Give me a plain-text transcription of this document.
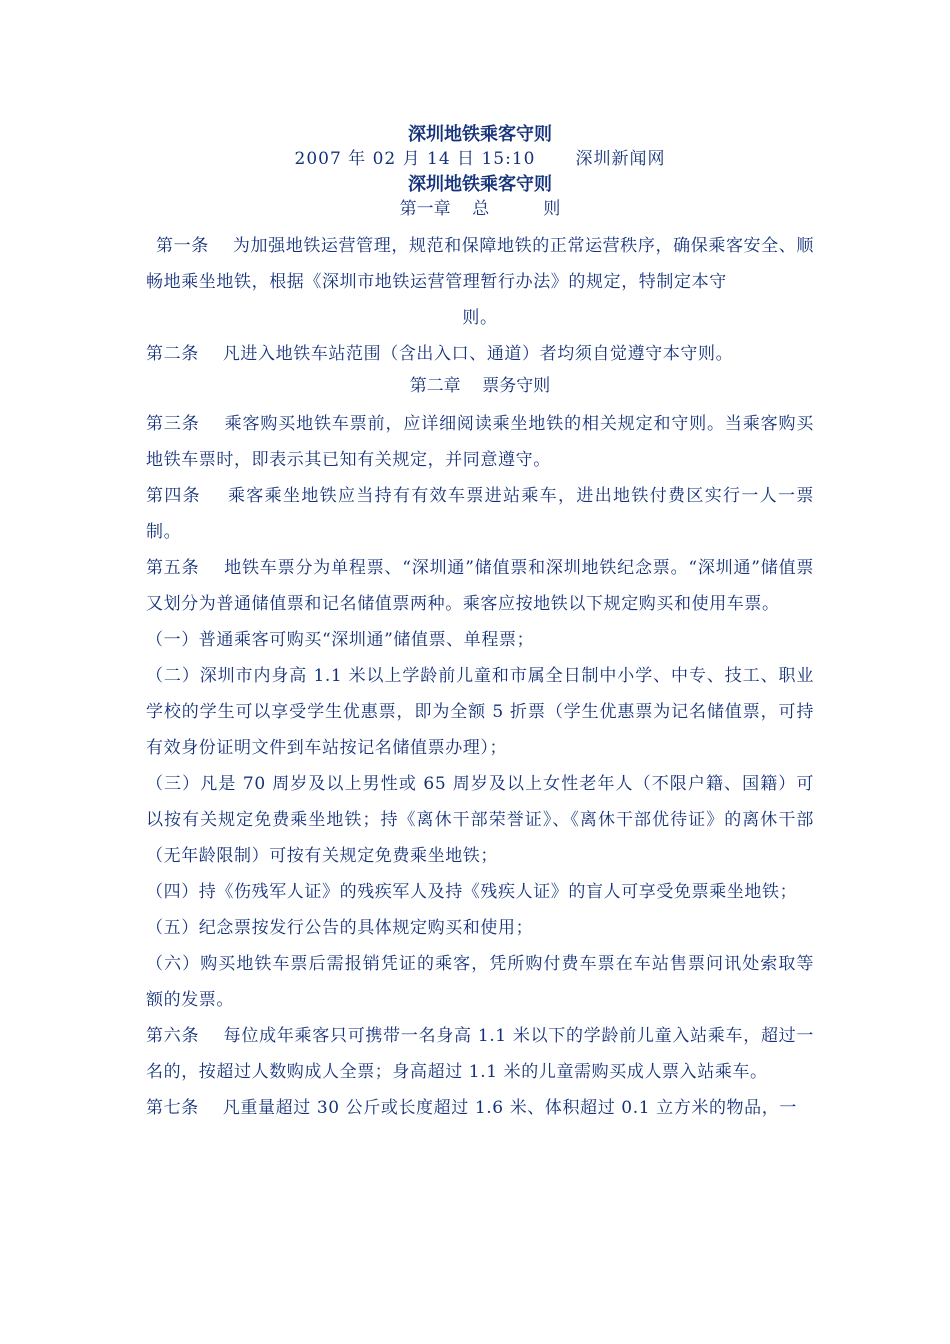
深圳地铁乘客守则
2007 年 02 月 14 日 15:10 深圳新闻网
深圳地铁乘客守则
第一章    总          则

第一条    为加强地铁运营管理，规范和保障地铁的正常运营秩序，确保乘客安全、顺畅地乘坐地铁，根据《深圳市地铁运营管理暂行办法》的规定，特制定本守

则。

第二条    凡进入地铁车站范围（含出入口、通道）者均须自觉遵守本守则。

第二章    票务守则

第三条    乘客购买地铁车票前，应详细阅读乘坐地铁的相关规定和守则。当乘客购买地铁车票时，即表示其已知有关规定，并同意遵守。

第四条    乘客乘坐地铁应当持有有效车票进站乘车，进出地铁付费区实行一人一票制。

第五条    地铁车票分为单程票、“深圳通”储值票和深圳地铁纪念票。“深圳通”储值票又划分为普通储值票和记名储值票两种。乘客应按地铁以下规定购买和使用车票。

（一）普通乘客可购买“深圳通”储值票、单程票；

（二）深圳市内身高 1.1 米以上学龄前儿童和市属全日制中小学、中专、技工、职业学校的学生可以享受学生优惠票，即为全额 5 折票（学生优惠票为记名储值票，可持有效身份证明文件到车站按记名储值票办理）；

（三）凡是 70 周岁及以上男性或 65 周岁及以上女性老年人（不限户籍、国籍）可以按有关规定免费乘坐地铁；持《离休干部荣誉证》、《离休干部优待证》的离休干部（无年龄限制）可按有关规定免费乘坐地铁；

（四）持《伤残军人证》的残疾军人及持《残疾人证》的盲人可享受免票乘坐地铁；

（五）纪念票按发行公告的具体规定购买和使用；

（六）购买地铁车票后需报销凭证的乘客，凭所购付费车票在车站售票问讯处索取等额的发票。

第六条    每位成年乘客只可携带一名身高 1.1 米以下的学龄前儿童入站乘车，超过一名的，按超过人数购成人全票；身高超过 1.1 米的儿童需购买成人票入站乘车。

第七条    凡重量超过 30 公斤或长度超过 1.6 米、体积超过 0.1 立方米的物品，一
